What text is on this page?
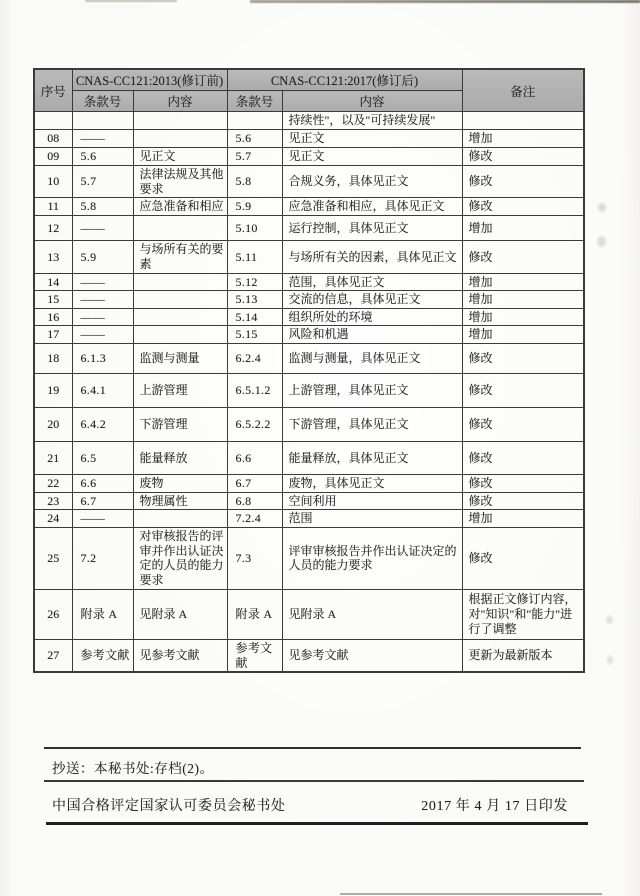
序号	CNAS-CC121:2013(修订前)		CNAS-CC121:2017(修订后)		备注
	条款号	内容	条款号	内容	
				持续性"，以及"可持续发展"	
08	——		5.6	见正文	增加
09	5.6	见正文	5.7	见正文	修改
10	5.7	法律法规及其他要求	5.8	合规义务，具体见正文	修改
11	5.8	应急准备和相应	5.9	应急准备和相应，具体见正文	修改
12	——		5.10	运行控制，具体见正文	增加
13	5.9	与场所有关的要素	5.11	与场所有关的因素，具体见正文	修改
14	——		5.12	范围，具体见正文	增加
15	——		5.13	交流的信息，具体见正文	增加
16	——		5.14	组织所处的环境	增加
17	——		5.15	风险和机遇	增加
18	6.1.3	监测与测量	6.2.4	监测与测量，具体见正文	修改
19	6.4.1	上游管理	6.5.1.2	上游管理，具体见正文	修改
20	6.4.2	下游管理	6.5.2.2	下游管理，具体见正文	修改
21	6.5	能量释放	6.6	能量释放，具体见正文	修改
22	6.6	废物	6.7	废物，具体见正文	修改
23	6.7	物理属性	6.8	空间利用	修改
24	——		7.2.4	范围	增加
25	7.2	对审核报告的评审并作出认证决定的人员的能力要求	7.3	评审审核报告并作出认证决定的人员的能力要求	修改
26	附录 A	见附录 A	附录 A	见附录 A	根据正文修订内容，对"知识"和"能力"进行了调整
27	参考文献	见参考文献	参考文献	见参考文献	更新为最新版本
抄送：本秘书处:存档(2)。
中国合格评定国家认可委员会秘书处	2017 年 4 月 17 日印发
